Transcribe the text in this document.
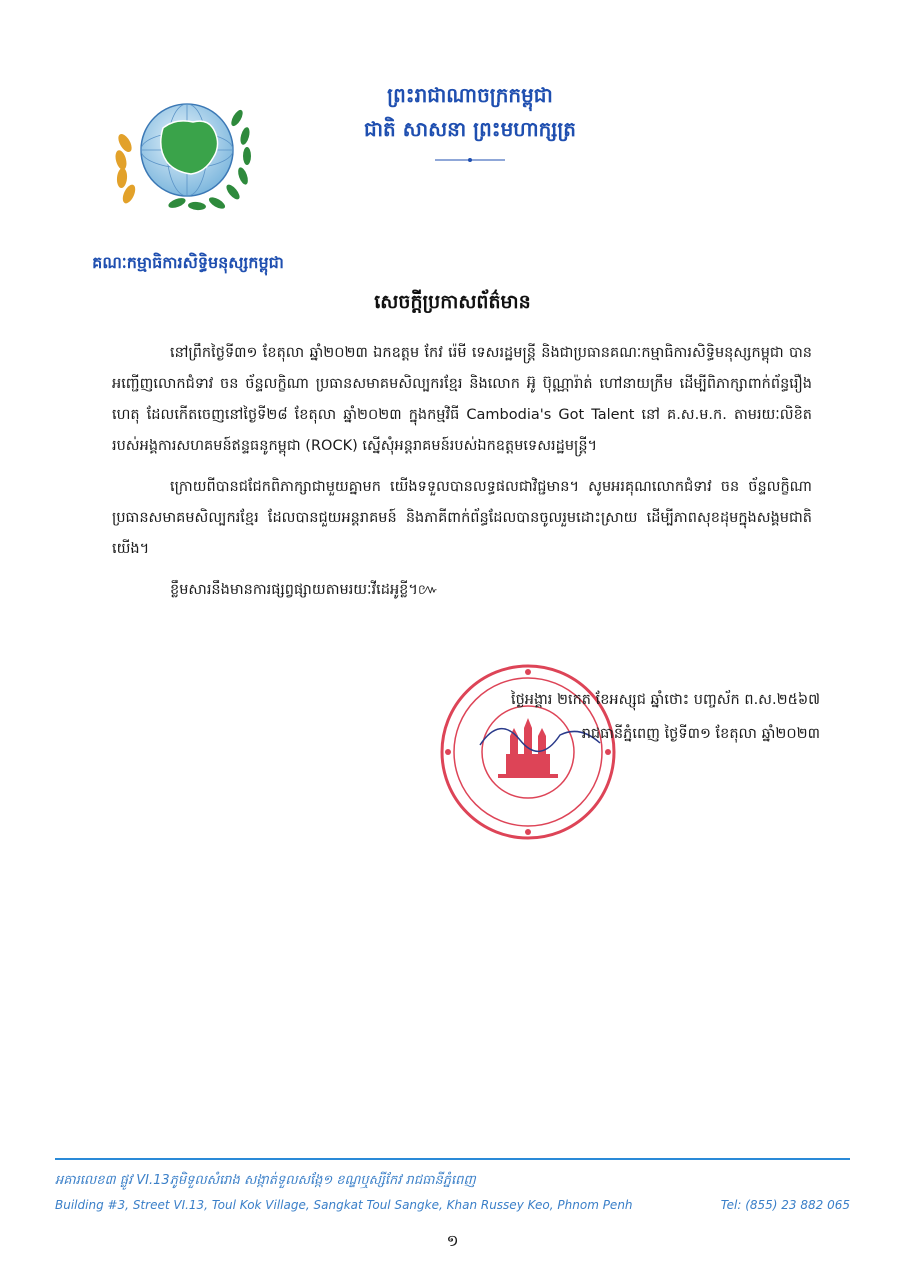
គណៈកម្មាធិការសិទ្ធិមនុស្សកម្ពុជា
ព្រះរាជាណាចក្រកម្ពុជា
ជាតិ សាសនា ព្រះមហាក្សត្រ
សេចក្ដីប្រកាសព័ត៌មាន

នៅព្រឹកថ្ងៃទី៣១ ខែតុលា ឆ្នាំ២០២៣ ឯកឧត្ដម កែវ រ៉េមី ទេសរដ្ឋមន្ត្រី និងជាប្រធានគណៈកម្មាធិការសិទ្ធិមនុស្សកម្ពុជា បានអញ្ជើញលោកជំទាវ ចន ច័ន្ទលក្ខិណា ប្រធានសមាគមសិល្បករខ្មែរ និងលោក អ៊ូ ប៊ុណ្ណារ៉ាត់ ហៅនាយក្រឹម ដើម្បីពិភាក្សាពាក់ព័ន្ធរឿងហេតុ ដែលកើតចេញនៅថ្ងៃទី២៨ ខែតុលា ឆ្នាំ២០២៣ ក្នុងកម្មវិធី Cambodia's Got Talent នៅ គ.ស.ម.ក. តាមរយៈលិខិតរបស់អង្គការសហគមន៍ឥន្ទធនូកម្ពុជា (ROCK) ស្នើសុំអន្តរាគមន៍របស់ឯកឧត្ដមទេសរដ្ឋមន្ត្រី។

ក្រោយពីបានជជែកពិភាក្សាជាមួយគ្នាមក យើងទទួលបានលទ្ធផលជាវិជ្ជមាន។ សូមអរគុណលោកជំទាវ ចន ច័ន្ទលក្ខិណា ប្រធានសមាគមសិល្បករខ្មែរ ដែលបានជួយអន្តរាគមន៍ និងភាគីពាក់ព័ន្ធដែលបានចូលរួមដោះស្រាយ ដើម្បីភាពសុខដុមក្នុងសង្គមជាតិយើង។

ខ្លឹមសារនឹងមានការផ្សព្វផ្សាយតាមរយៈវីដេអូខ្លី។៚

ថ្ងៃអង្គារ ២កេត ខែអស្សុជ ឆ្នាំថោះ បញ្ចស័ក ព.ស.២៥៦៧
រាជធានីភ្នំពេញ ថ្ងៃទី៣១ ខែតុលា ឆ្នាំ២០២៣
អគារលេខ៣ ផ្លូវ VI.13ភូមិទួលសំរោង សង្កាត់ទួលសង្កែ១ ខណ្ឌឬស្សីកែវ រាជធានីភ្នំពេញ
Building #3, Street VI.13, Toul Kok Village, Sangkat Toul Sangke, Khan Russey Keo, Phnom Penh	Tel: (855) 23 882 065
១
